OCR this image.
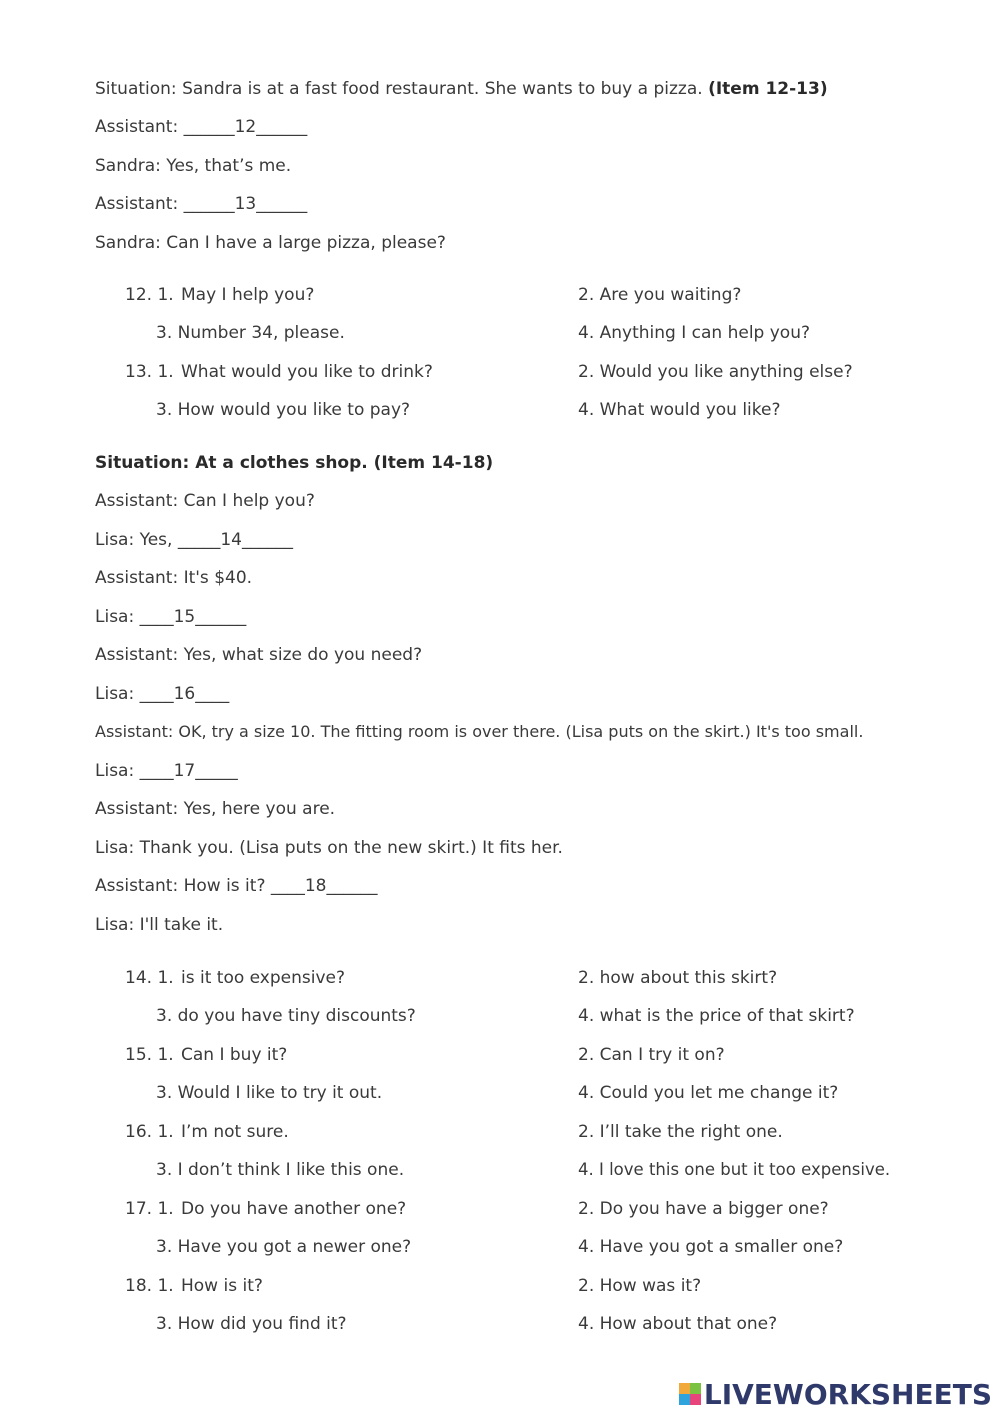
Situation: Sandra is at a fast food restaurant. She wants to buy a pizza. (Item 12-13)
Assistant: ______12______
Sandra: Yes, that’s me.
Assistant: ______13______
Sandra: Can I have a large pizza, please?
12. 1. May I help you?	2. Are you waiting?
3. Number 34, please.	4. Anything I can help you?
13. 1. What would you like to drink?	2. Would you like anything else?
3. How would you like to pay?	4. What would you like?
Situation: At a clothes shop. (Item 14-18)
Assistant: Can I help you?
Lisa: Yes, _____14______
Assistant: It's $40.
Lisa: ____15______
Assistant: Yes, what size do you need?
Lisa: ____16____
Assistant: OK, try a size 10. The fitting room is over there. (Lisa puts on the skirt.) It's too small.
Lisa: ____17_____
Assistant: Yes, here you are.
Lisa: Thank you. (Lisa puts on the new skirt.) It fits her.
Assistant: How is it? ____18______
Lisa: I'll take it.
14. 1. is it too expensive?	2. how about this skirt?
3. do you have tiny discounts?	4. what is the price of that skirt?
15. 1. Can I buy it?	2. Can I try it on?
3. Would I like to try it out.	4. Could you let me change it?
16. 1. I’m not sure.	2. I’ll take the right one.
3. I don’t think I like this one.	4. I love this one but it too expensive.
17. 1. Do you have another one?	2. Do you have a bigger one?
3. Have you got a newer one?	4. Have you got a smaller one?
18. 1. How is it?	2. How was it?
3. How did you find it?	4. How about that one?
LIVEWORKSHEETS
